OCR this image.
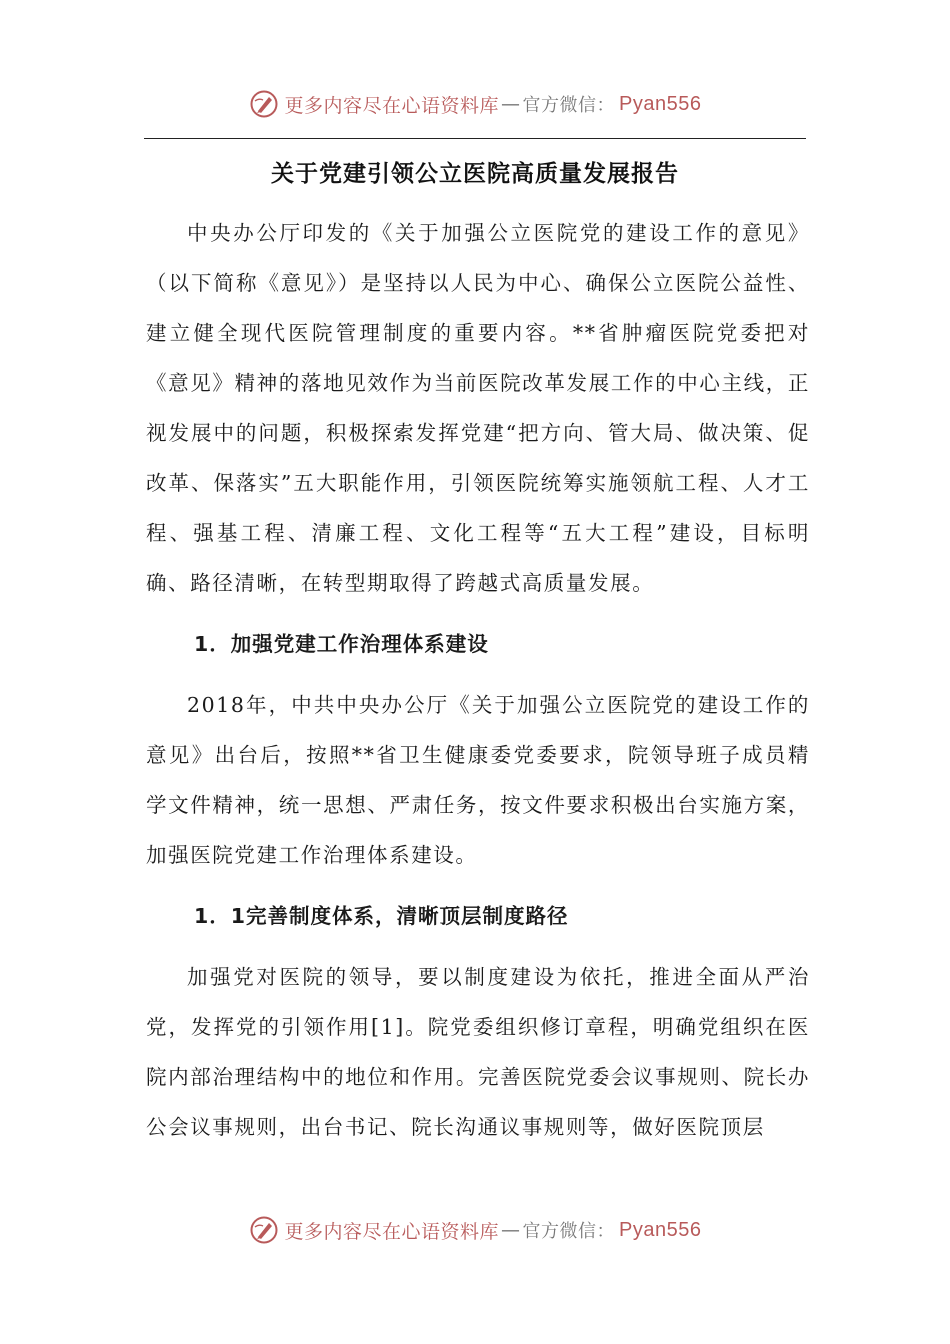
更多内容尽在心语资料库 — 官方微信： Pyan556
关于党建引领公立医院高质量发展报告

中央办公厅印发的《关于加强公立医院党的建设工作的意见》（以下简称《意见》）是坚持以人民为中心、确保公立医院公益性、建立健全现代医院管理制度的重要内容。**省肿瘤医院党委把对《意见》精神的落地见效作为当前医院改革发展工作的中心主线，正视发展中的问题，积极探索发挥党建“把方向、管大局、做决策、促改革、保落实”五大职能作用，引领医院统筹实施领航工程、人才工程、强基工程、清廉工程、文化工程等“五大工程”建设，目标明确、路径清晰，在转型期取得了跨越式高质量发展。

1．加强党建工作治理体系建设

2018年，中共中央办公厅《关于加强公立医院党的建设工作的意见》出台后，按照**省卫生健康委党委要求，院领导班子成员精学文件精神，统一思想、严肃任务，按文件要求积极出台实施方案，加强医院党建工作治理体系建设。

1．1完善制度体系，清晰顶层制度路径

加强党对医院的领导，要以制度建设为依托，推进全面从严治党，发挥党的引领作用[1]。院党委组织修订章程，明确党组织在医院内部治理结构中的地位和作用。完善医院党委会议事规则、院长办公会议事规则，出台书记、院长沟通议事规则等，做好医院顶层

更多内容尽在心语资料库 — 官方微信： Pyan556
